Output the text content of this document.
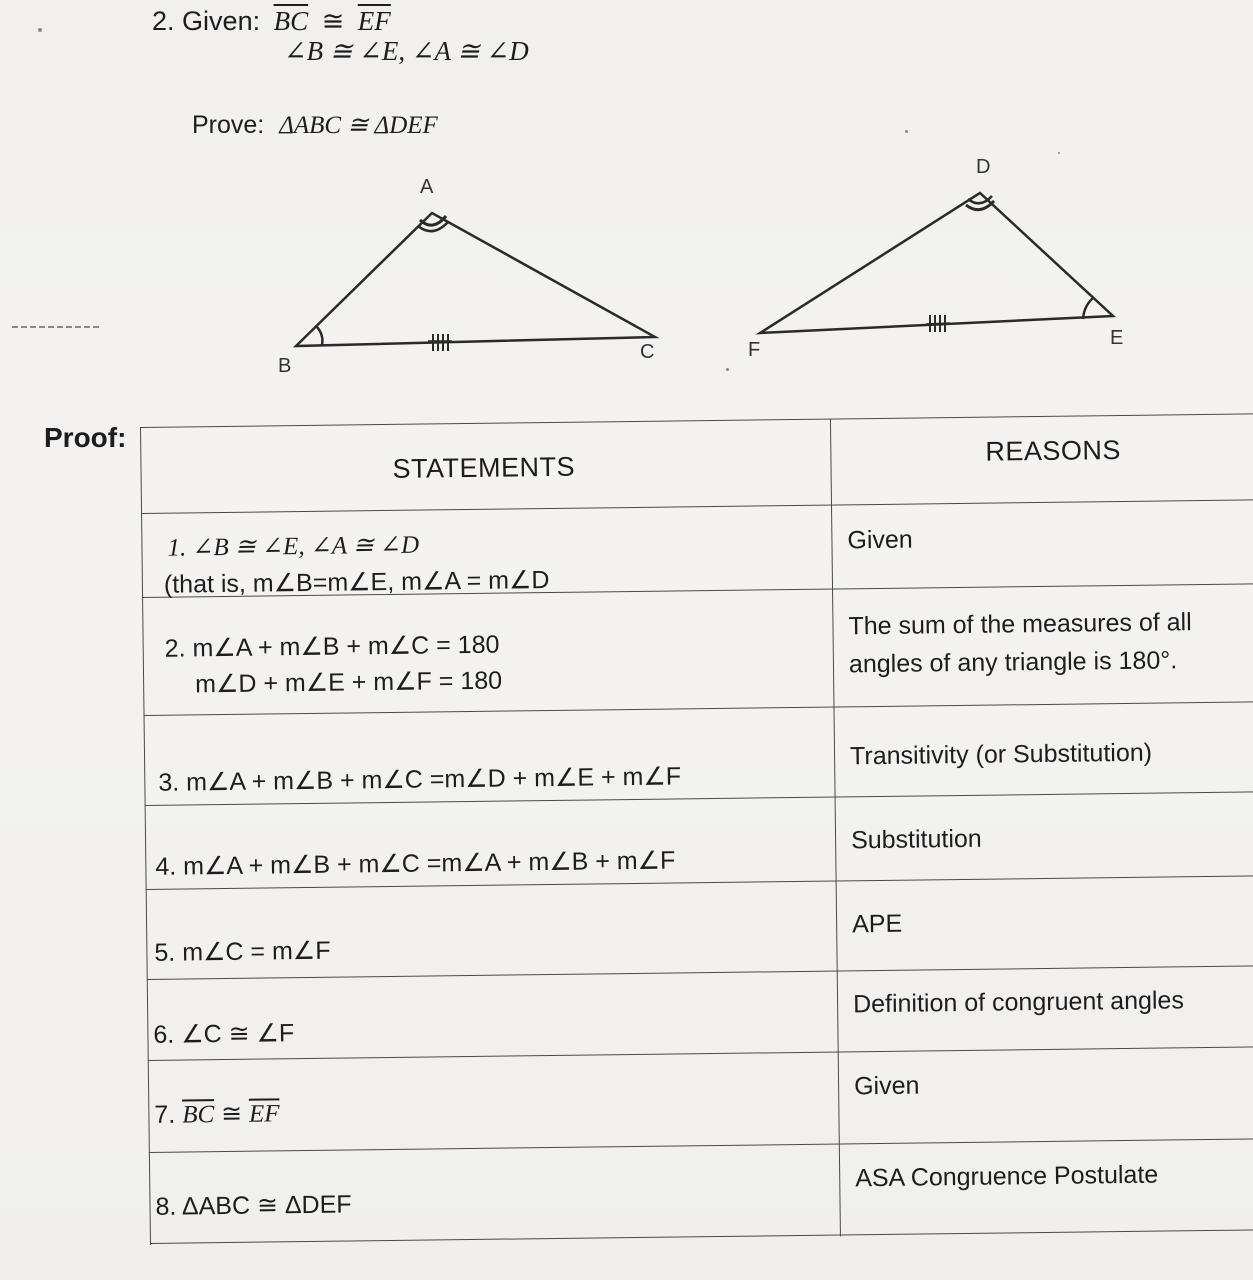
2. Given: $\overline{BC}$ ≅ $\overline{EF}$
∠B ≅ ∠E, ∠A ≅ ∠D
Prove: ΔABC ≅ ΔDEF
A
B
C
D
E
F
Proof:
STATEMENTS
REASONS
1. ∠B ≅ ∠E, ∠A ≅ ∠D
(that is, m∠B=m∠E, m∠A = m∠D
Given
2. m∠A + m∠B + m∠C = 180
m∠D + m∠E + m∠F = 180
The sum of the measures of all
angles of any triangle is 180°.
3. m∠A + m∠B + m∠C =m∠D + m∠E + m∠F
Transitivity (or Substitution)
4. m∠A + m∠B + m∠C =m∠A + m∠B + m∠F
Substitution
5. m∠C = m∠F
APE
6. ∠C ≅ ∠F
Definition of congruent angles
7. $\overline{BC}$ ≅ $\overline{EF}$
Given
8. ΔABC ≅ ΔDEF
ASA Congruence Postulate
